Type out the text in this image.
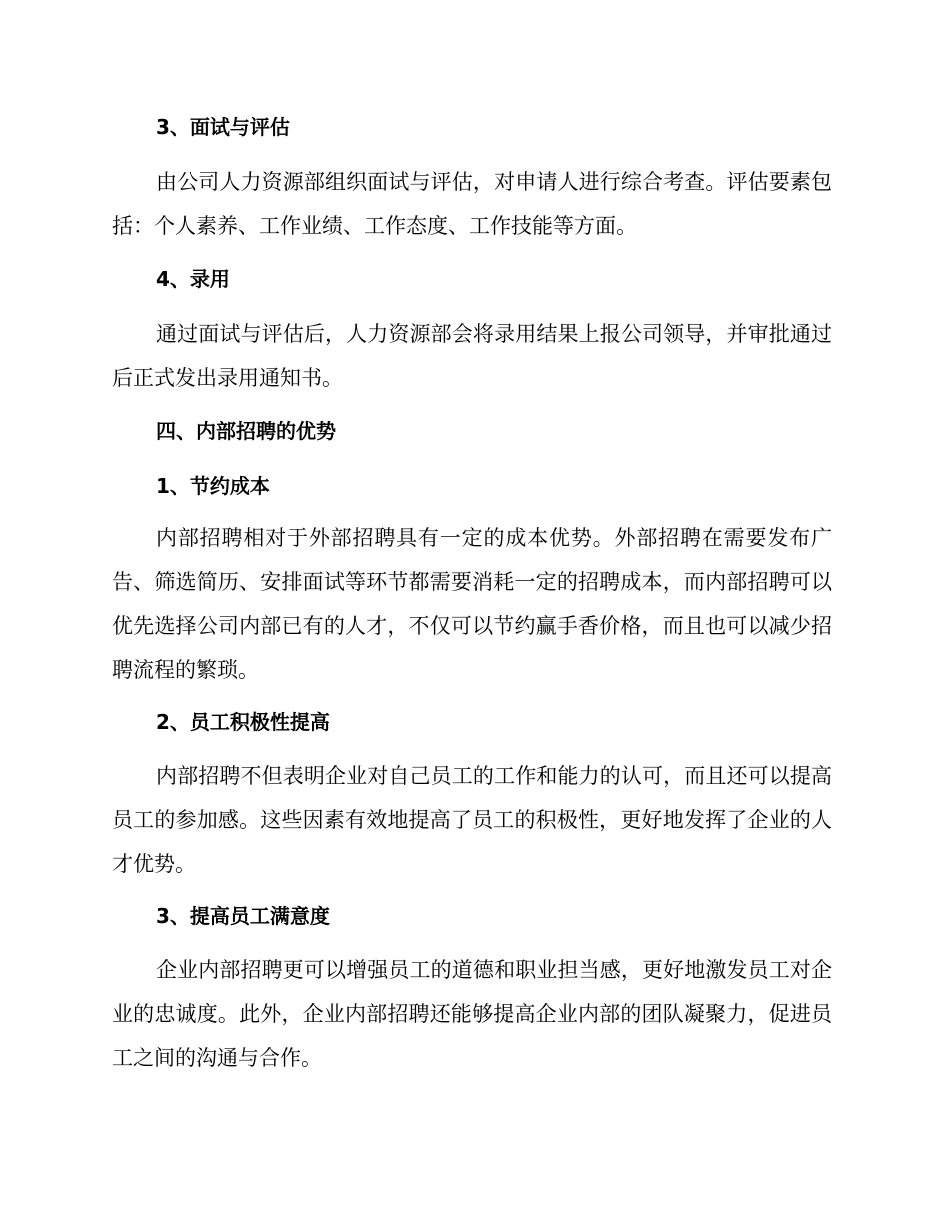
3、面试与评估
由公司人力资源部组织面试与评估，对申请人进行综合考查。评估要素包括：个人素养、工作业绩、工作态度、工作技能等方面。
4、录用
通过面试与评估后，人力资源部会将录用结果上报公司领导，并审批通过后正式发出录用通知书。
四、内部招聘的优势
1、节约成本
内部招聘相对于外部招聘具有一定的成本优势。外部招聘在需要发布广告、筛选简历、安排面试等环节都需要消耗一定的招聘成本，而内部招聘可以优先选择公司内部已有的人才，不仅可以节约赢手香价格，而且也可以减少招聘流程的繁琐。
2、员工积极性提高
内部招聘不但表明企业对自己员工的工作和能力的认可，而且还可以提高员工的参加感。这些因素有效地提高了员工的积极性，更好地发挥了企业的人才优势。
3、提高员工满意度
企业内部招聘更可以增强员工的道德和职业担当感，更好地激发员工对企业的忠诚度。此外，企业内部招聘还能够提高企业内部的团队凝聚力，促进员工之间的沟通与合作。
